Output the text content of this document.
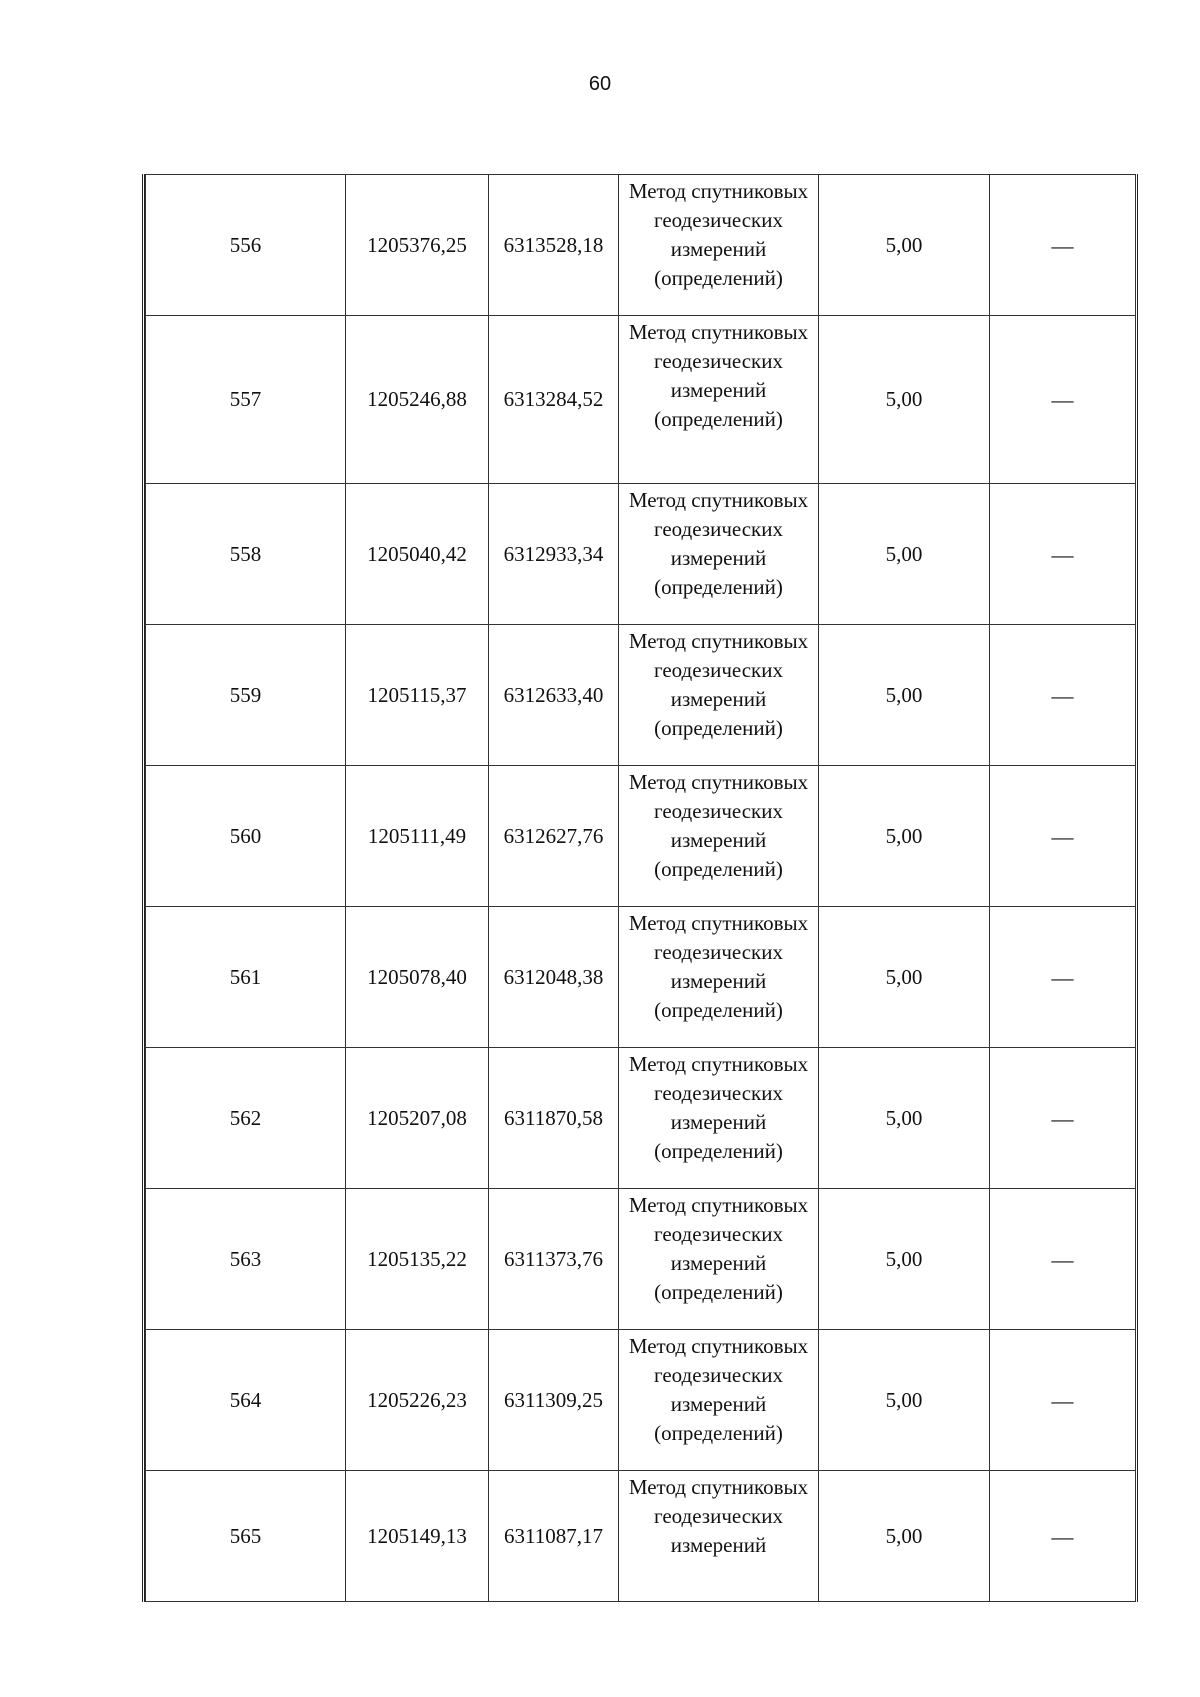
60
556	1205376,25	6313528,18	Метод спутниковых геодезических измерений (определений)	5,00	—
557	1205246,88	6313284,52	Метод спутниковых геодезических измерений (определений)	5,00	—
558	1205040,42	6312933,34	Метод спутниковых геодезических измерений (определений)	5,00	—
559	1205115,37	6312633,40	Метод спутниковых геодезических измерений (определений)	5,00	—
560	1205111,49	6312627,76	Метод спутниковых геодезических измерений (определений)	5,00	—
561	1205078,40	6312048,38	Метод спутниковых геодезических измерений (определений)	5,00	—
562	1205207,08	6311870,58	Метод спутниковых геодезических измерений (определений)	5,00	—
563	1205135,22	6311373,76	Метод спутниковых геодезических измерений (определений)	5,00	—
564	1205226,23	6311309,25	Метод спутниковых геодезических измерений (определений)	5,00	—
565	1205149,13	6311087,17	Метод спутниковых геодезических измерений	5,00	—
